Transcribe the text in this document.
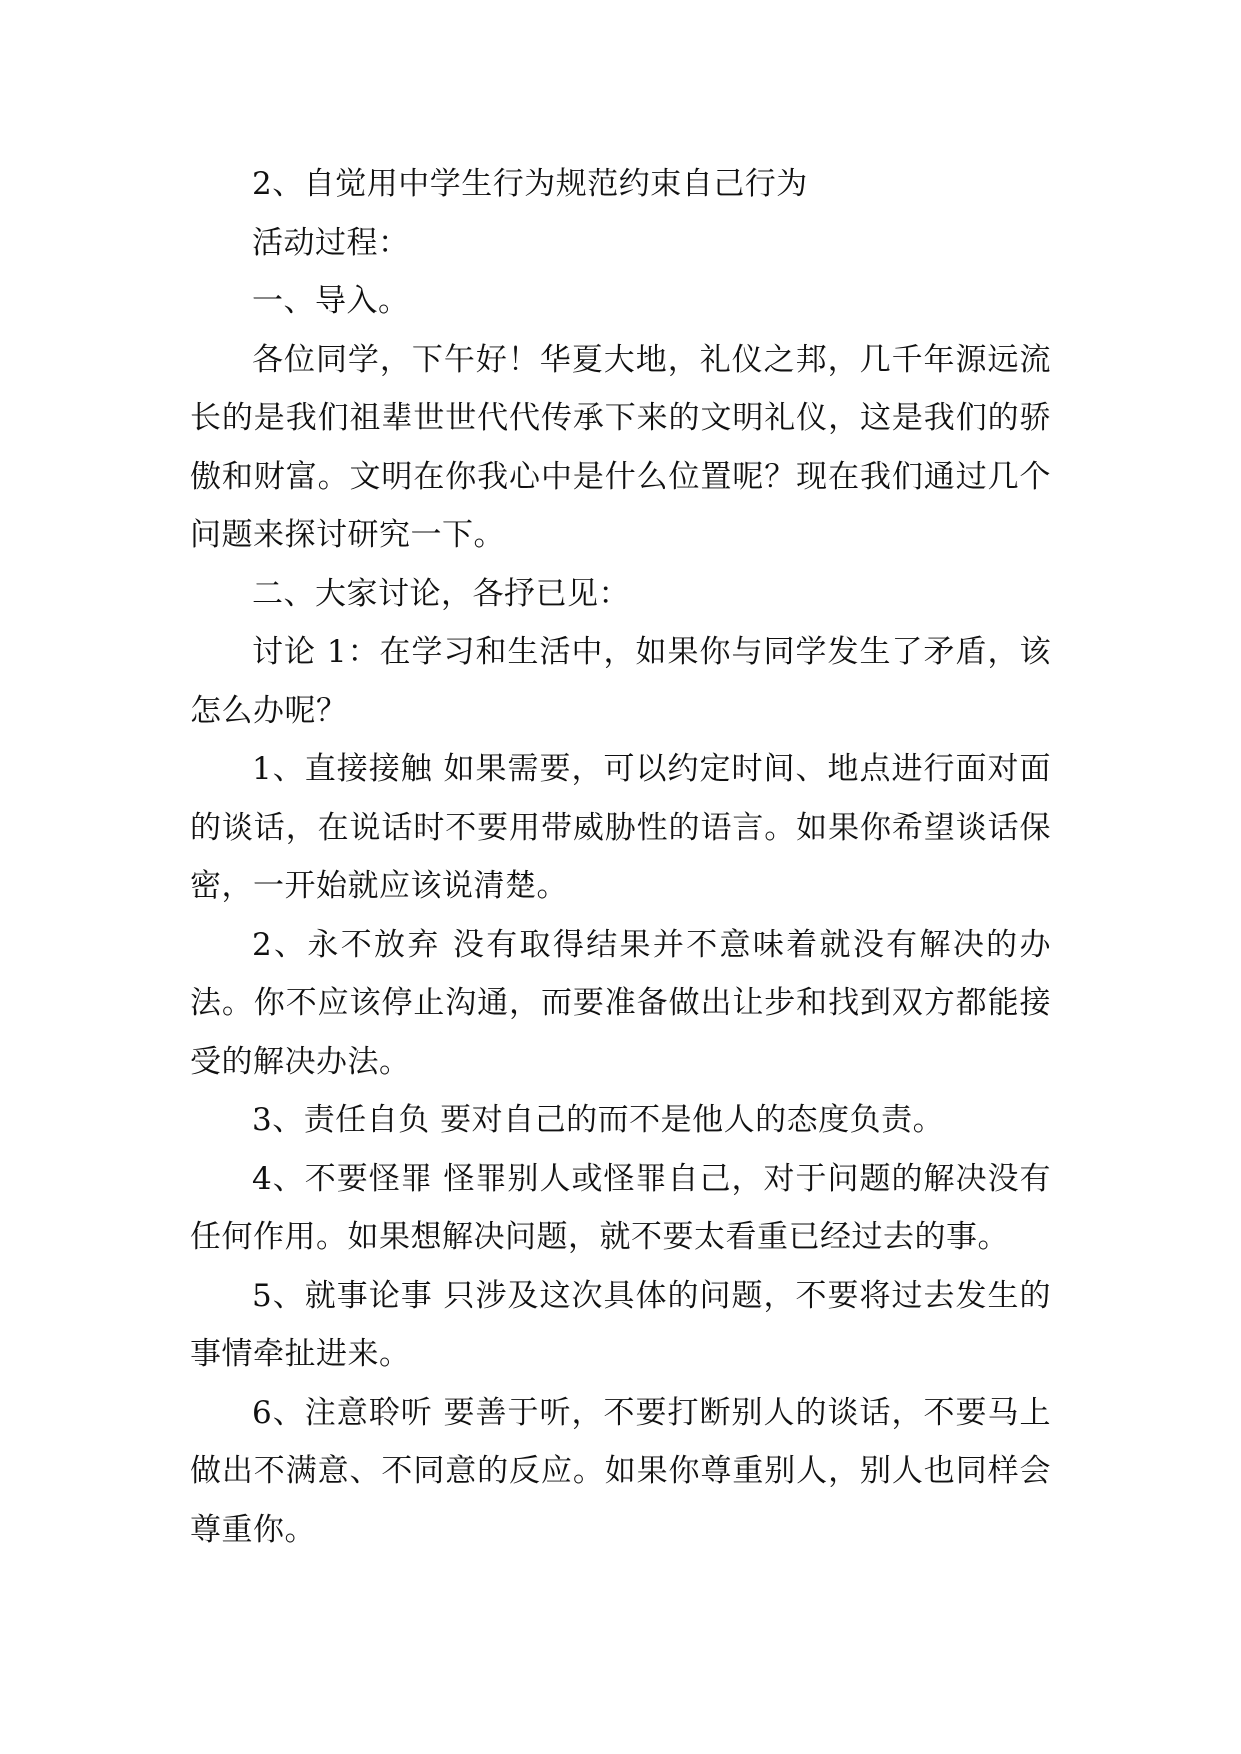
2、自觉用中学生行为规范约束自己行为

活动过程：

一、导入。

各位同学，下午好！华夏大地，礼仪之邦，几千年源远流长的是我们祖辈世世代代传承下来的文明礼仪，这是我们的骄傲和财富。文明在你我心中是什么位置呢？现在我们通过几个问题来探讨研究一下。

二、大家讨论，各抒已见：

讨论 1：在学习和生活中，如果你与同学发生了矛盾，该怎么办呢？

1、直接接触 如果需要，可以约定时间、地点进行面对面的谈话，在说话时不要用带威胁性的语言。如果你希望谈话保密，一开始就应该说清楚。

2、永不放弃 没有取得结果并不意味着就没有解决的办法。你不应该停止沟通，而要准备做出让步和找到双方都能接受的解决办法。

3、责任自负 要对自己的而不是他人的态度负责。

4、不要怪罪 怪罪别人或怪罪自己，对于问题的解决没有任何作用。如果想解决问题，就不要太看重已经过去的事。

5、就事论事 只涉及这次具体的问题，不要将过去发生的事情牵扯进来。

6、注意聆听 要善于听，不要打断别人的谈话，不要马上做出不满意、不同意的反应。如果你尊重别人，别人也同样会尊重你。
